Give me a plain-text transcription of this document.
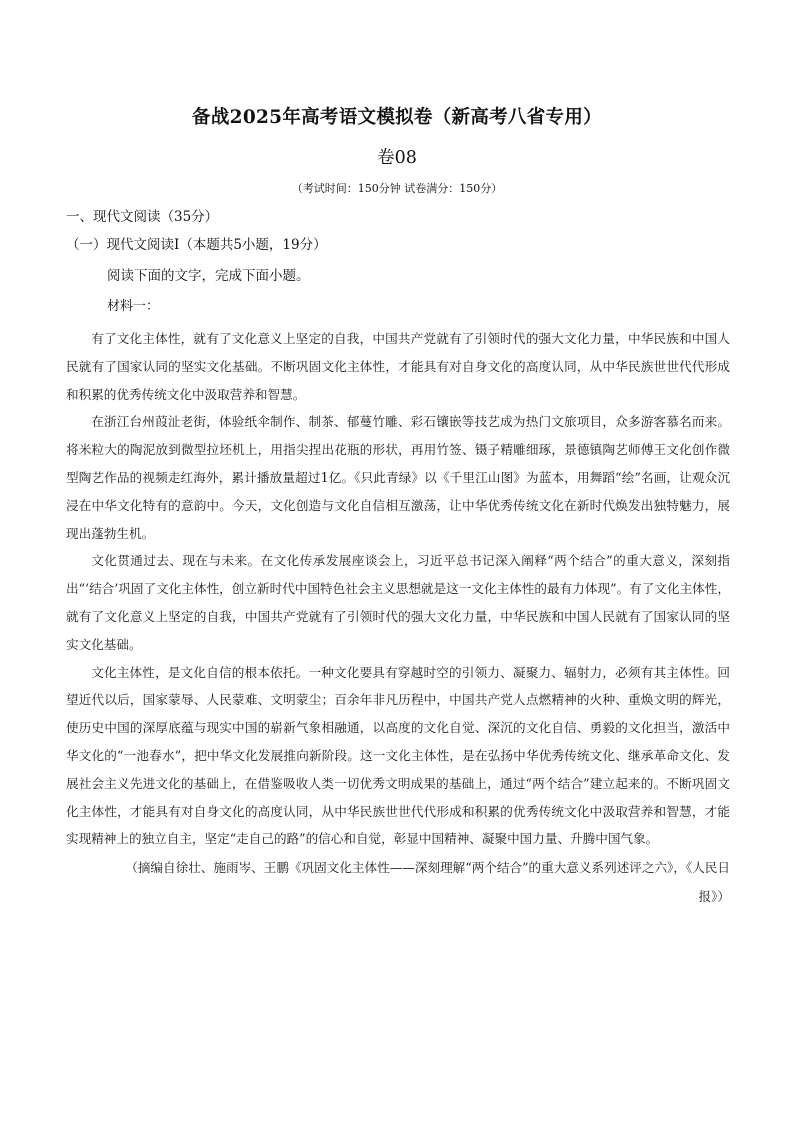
备战2025年高考语文模拟卷（新高考八省专用）
卷08
（考试时间：150分钟 试卷满分：150分）
一、现代文阅读（35分）
（一）现代文阅读Ⅰ（本题共5小题，19分）
阅读下面的文字，完成下面小题。
材料一：

有了文化主体性，就有了文化意义上坚定的自我，中国共产党就有了引领时代的强大文化力量，中华民族和中国人民就有了国家认同的坚实文化基础。不断巩固文化主体性，才能具有对自身文化的高度认同，从中华民族世世代代形成和积累的优秀传统文化中汲取营养和智慧。

在浙江台州葭沚老街，体验纸伞制作、制茶、郁蔓竹雕、彩石镶嵌等技艺成为热门文旅项目，众多游客慕名而来。将米粒大的陶泥放到微型拉坯机上，用指尖捏出花瓶的形状，再用竹签、镊子精雕细琢，景德镇陶艺师傅王文化创作微型陶艺作品的视频走红海外，累计播放量超过1亿。《只此青绿》以《千里江山图》为蓝本，用舞蹈“绘”名画，让观众沉浸在中华文化特有的意韵中。今天，文化创造与文化自信相互激荡，让中华优秀传统文化在新时代焕发出独特魅力，展现出蓬勃生机。

文化贯通过去、现在与未来。在文化传承发展座谈会上，习近平总书记深入阐释“两个结合”的重大意义，深刻指出“‘结合’巩固了文化主体性，创立新时代中国特色社会主义思想就是这一文化主体性的最有力体现”。有了文化主体性，就有了文化意义上坚定的自我，中国共产党就有了引领时代的强大文化力量，中华民族和中国人民就有了国家认同的坚实文化基础。

文化主体性，是文化自信的根本依托。一种文化要具有穿越时空的引领力、凝聚力、辐射力，必须有其主体性。回望近代以后，国家蒙辱、人民蒙难、文明蒙尘；百余年非凡历程中，中国共产党人点燃精神的火种、重焕文明的辉光，使历史中国的深厚底蕴与现实中国的崭新气象相融通，以高度的文化自觉、深沉的文化自信、勇毅的文化担当，激活中华文化的“一池春水”，把中华文化发展推向新阶段。这一文化主体性，是在弘扬中华优秀传统文化、继承革命文化、发展社会主义先进文化的基础上，在借鉴吸收人类一切优秀文明成果的基础上，通过“两个结合”建立起来的。不断巩固文化主体性，才能具有对自身文化的高度认同，从中华民族世世代代形成和积累的优秀传统文化中汲取营养和智慧，才能实现精神上的独立自主，坚定“走自己的路”的信心和自觉，彰显中国精神、凝聚中国力量、升腾中国气象。

（摘编自徐壮、施雨岑、王鹏《巩固文化主体性——深刻理解“两个结合”的重大意义系列述评之六》，《人民日报》）
